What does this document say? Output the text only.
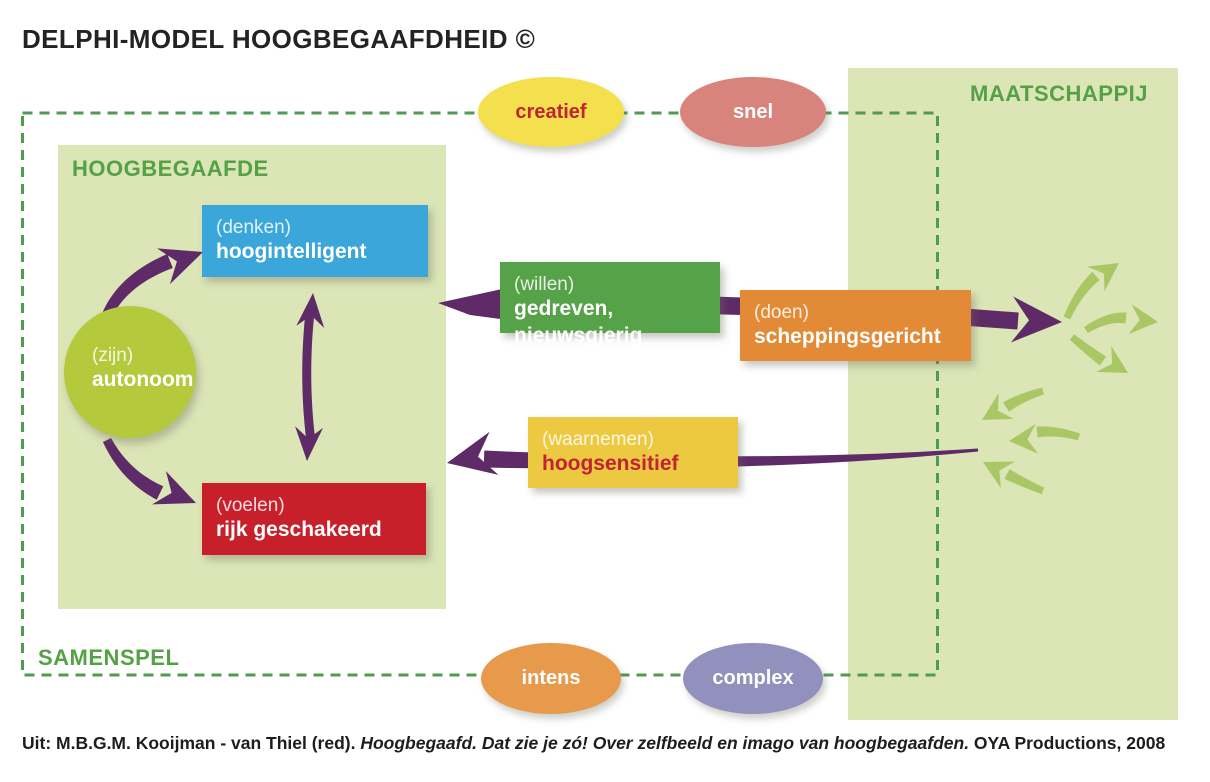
DELPHI-MODEL HOOGBEGAAFDHEID ©
MAATSCHAPPIJ
HOOGBEGAAFDE
SAMENSPEL
(zijn)
autonoom
(denken)
hoogintelligent
(willen)
gedreven, nieuwsgierig
(doen)
scheppingsgericht
(waarnemen)
hoogsensitief
(voelen)
rijk geschakeerd
creatief	snel
intens	complex
Uit: M.B.G.M. Kooijman - van Thiel (red). Hoogbegaafd. Dat zie je zó! Over zelfbeeld en imago van hoogbegaafden. OYA Productions, 2008
